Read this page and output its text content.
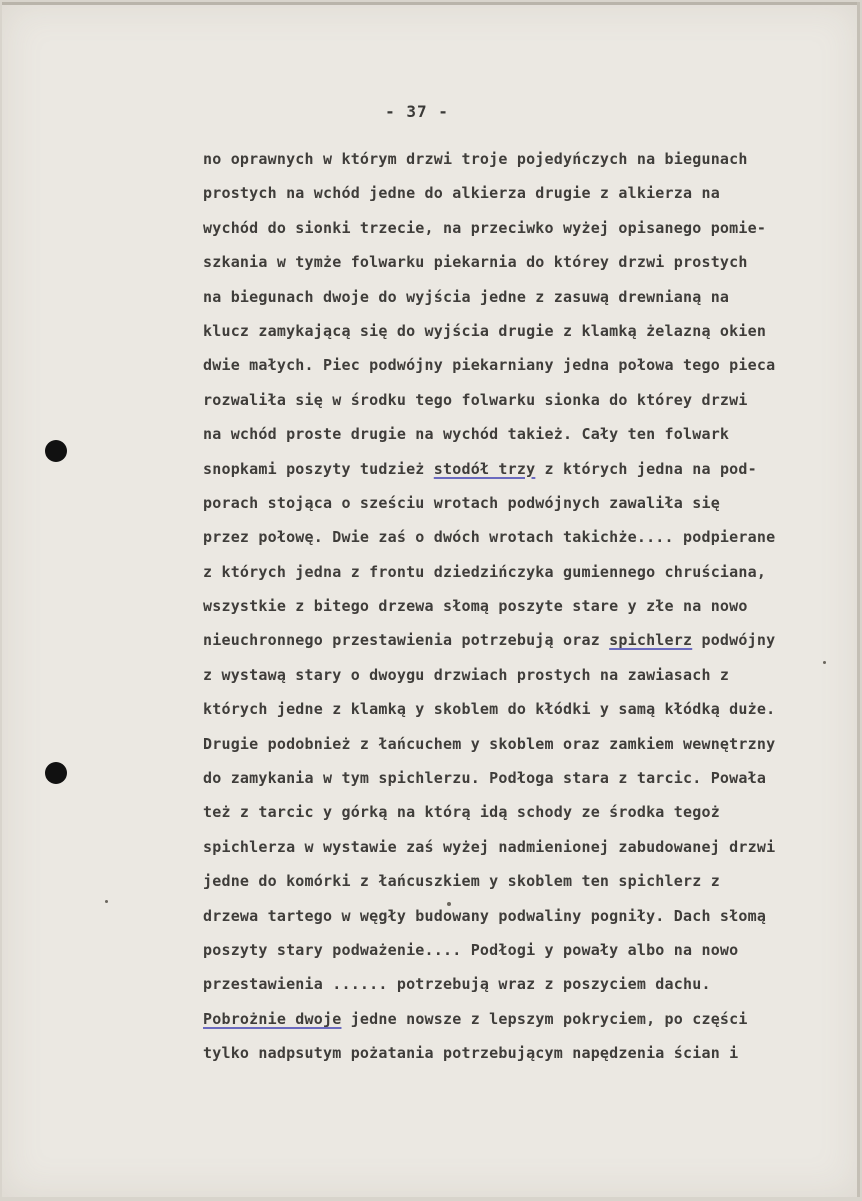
- 37 -
no oprawnych w którym drzwi troje pojedyńczych na biegunach
prostych na wchód jedne do alkierza drugie z alkierza na
wychód do sionki trzecie, na przeciwko wyżej opisanego pomie-
szkania w tymże folwarku piekarnia do którey drzwi prostych
na biegunach dwoje do wyjścia jedne z zasuwą drewnianą na
klucz zamykającą się do wyjścia drugie z klamką żelazną okien
dwie małych. Piec podwójny piekarniany jedna połowa tego pieca
rozwaliła się w środku tego folwarku sionka do którey drzwi
na wchód proste drugie na wychód takież. Cały ten folwark
snopkami poszyty tudzież stodół trzy z których jedna na pod-
porach stojąca o sześciu wrotach podwójnych zawaliła się
przez połowę. Dwie zaś o dwóch wrotach takichże.... podpierane
z których jedna z frontu dziedzińczyka gumiennego chruściana,
wszystkie z bitego drzewa słomą poszyte stare y złe na nowo
nieuchronnego przestawienia potrzebują oraz spichlerz podwójny
z wystawą stary o dwoygu drzwiach prostych na zawiasach z
których jedne z klamką y skoblem do kłódki y samą kłódką duże.
Drugie podobnież z łańcuchem y skoblem oraz zamkiem wewnętrzny
do zamykania w tym spichlerzu. Podłoga stara z tarcic. Powała
też z tarcic y górką na którą idą schody ze środka tegoż
spichlerza w wystawie zaś wyżej nadmienionej zabudowanej drzwi
jedne do komórki z łańcuszkiem y skoblem ten spichlerz z
drzewa tartego w węgły budowany podwaliny pogniły. Dach słomą
poszyty stary podważenie.... Podłogi y powały albo na nowo
przestawienia ...... potrzebują wraz z poszyciem dachu.
Pobrożnie dwoje jedne nowsze z lepszym pokryciem, po części
tylko nadpsutym pożatania potrzebującym napędzenia ścian i
